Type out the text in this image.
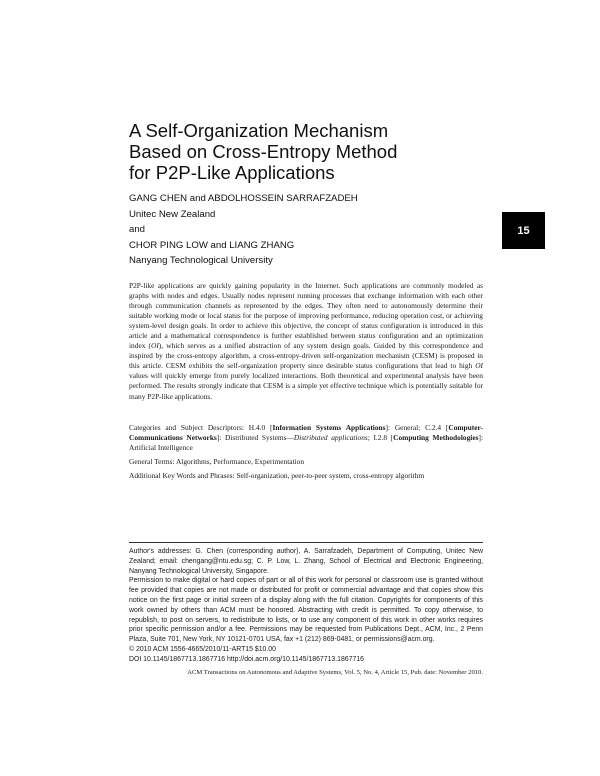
A Self-Organization Mechanism
Based on Cross-Entropy Method
for P2P-Like Applications
GANG CHEN and ABDOLHOSSEIN SARRAFZADEH
Unitec New Zealand
and
CHOR PING LOW and LIANG ZHANG
Nanyang Technological University
15
P2P-like applications are quickly gaining popularity in the Internet. Such applications are commonly modeled as graphs with nodes and edges. Usually nodes represent running processes that exchange information with each other through communication channels as represented by the edges. They often need to autonomously determine their suitable working mode or local status for the purpose of improving performance, reducing operation cost, or achieving system-level design goals. In order to achieve this objective, the concept of status configuration is introduced in this article and a mathematical correspondence is further established between status configuration and an optimization index (OI), which serves as a unified abstraction of any system design goals. Guided by this correspondence and inspired by the cross-entropy algorithm, a cross-entropy-driven self-organization mechanism (CESM) is proposed in this article. CESM exhibits the self-organization property since desirable status configurations that lead to high OI values will quickly emerge from purely localized interactions. Both theoretical and experimental analysis have been performed. The results strongly indicate that CESM is a simple yet effective technique which is potentially suitable for many P2P-like applications.

Categories and Subject Descriptors: H.4.0 [Information Systems Applications]: General; C.2.4 [Computer-Communications Networks]: Distributed Systems—Distributed applications; I.2.8 [Computing Methodologies]: Artificial Intelligence

General Terms: Algorithms, Performance, Experimentation

Additional Key Words and Phrases: Self-organization, peer-to-peer system, cross-entropy algorithm

Author's addresses: G. Chen (corresponding author), A. Sarrafzadeh, Department of Computing, Unitec New Zealand; email: chengang@ntu.edu.sg; C. P. Low, L. Zhang, School of Electrical and Electronic Engineering, Nanyang Technological University, Singapore.

Permission to make digital or hard copies of part or all of this work for personal or classroom use is granted without fee provided that copies are not made or distributed for profit or commercial advantage and that copies show this notice on the first page or initial screen of a display along with the full citation. Copyrights for components of this work owned by others than ACM must be honored. Abstracting with credit is permitted. To copy otherwise, to republish, to post on servers, to redistribute to lists, or to use any component of this work in other works requires prior specific permission and/or a fee. Permissions may be requested from Publications Dept., ACM, Inc., 2 Penn Plaza, Suite 701, New York, NY 10121-0701 USA, fax +1 (212) 869-0481, or permissions@acm.org.

© 2010 ACM 1556-4665/2010/11-ART15 $10.00

DOI 10.1145/1867713.1867716 http://doi.acm.org/10.1145/1867713.1867716

ACM Transactions on Autonomous and Adaptive Systems, Vol. 5, No. 4, Article 15, Pub. date: November 2010.
